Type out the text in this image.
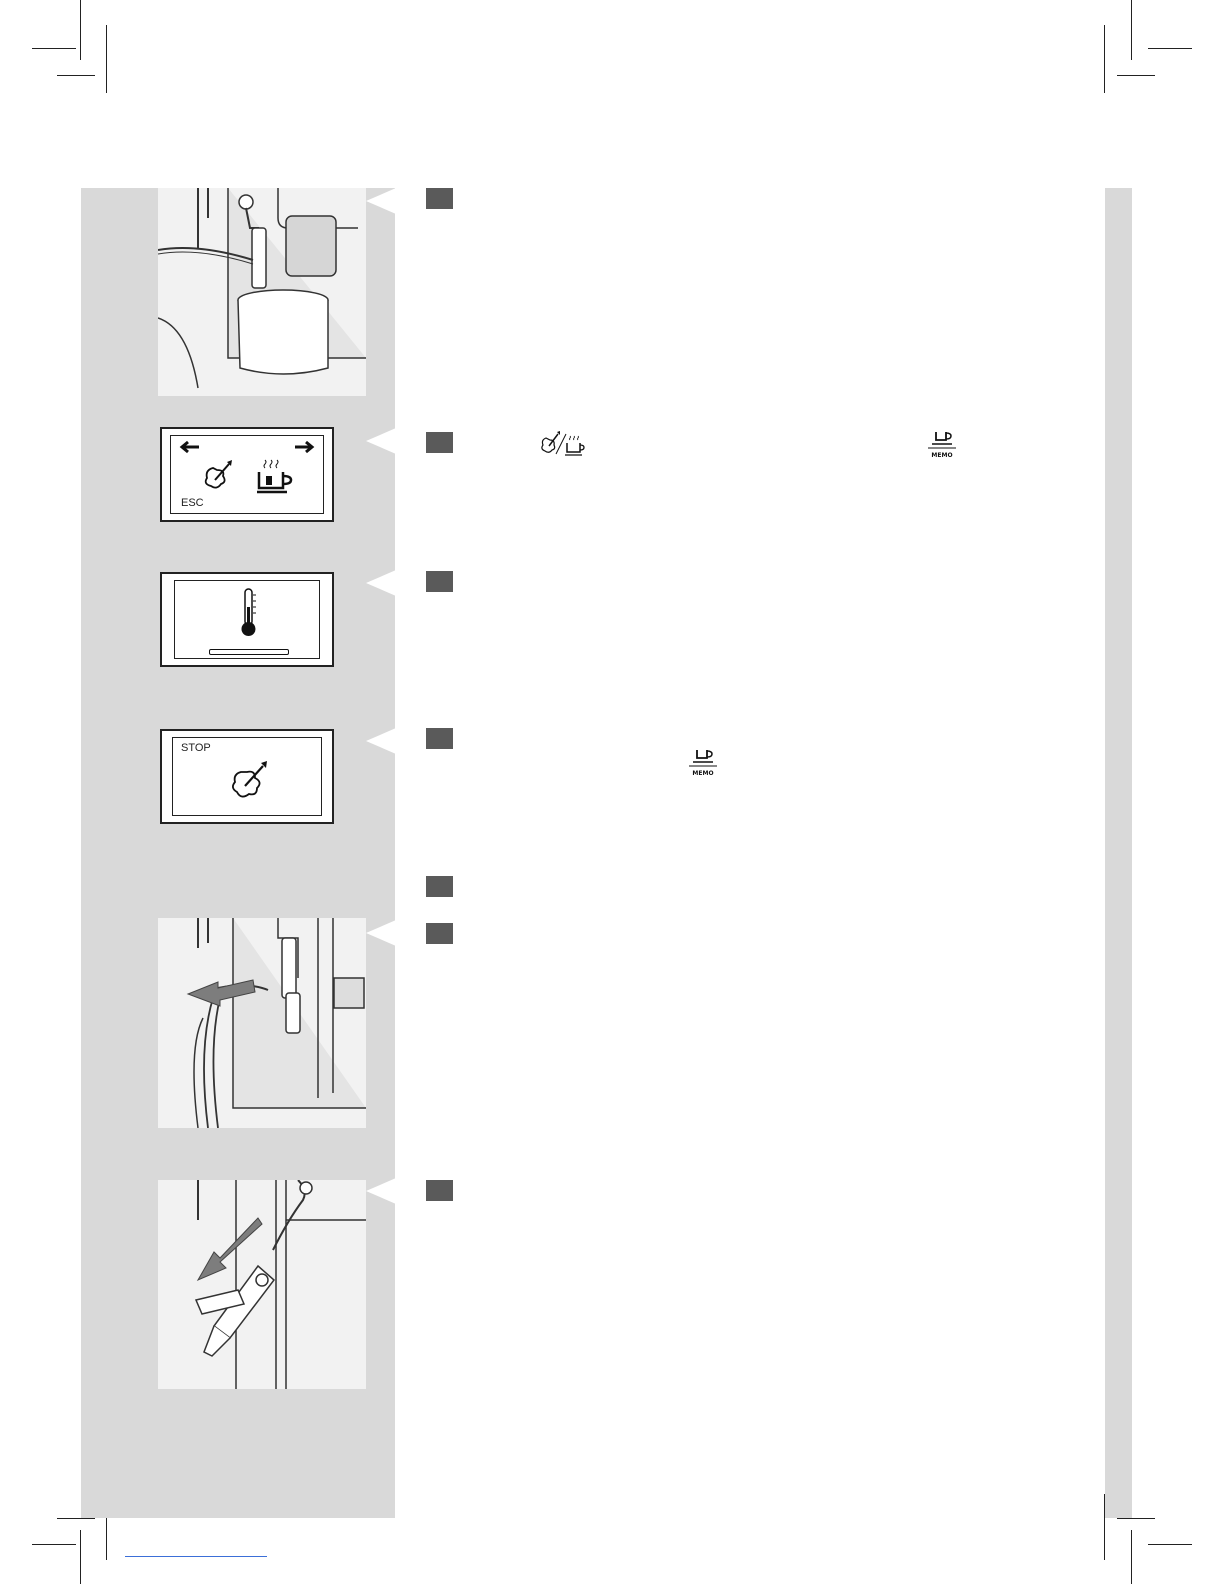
ESC
STOP
MEMO
MEMO
